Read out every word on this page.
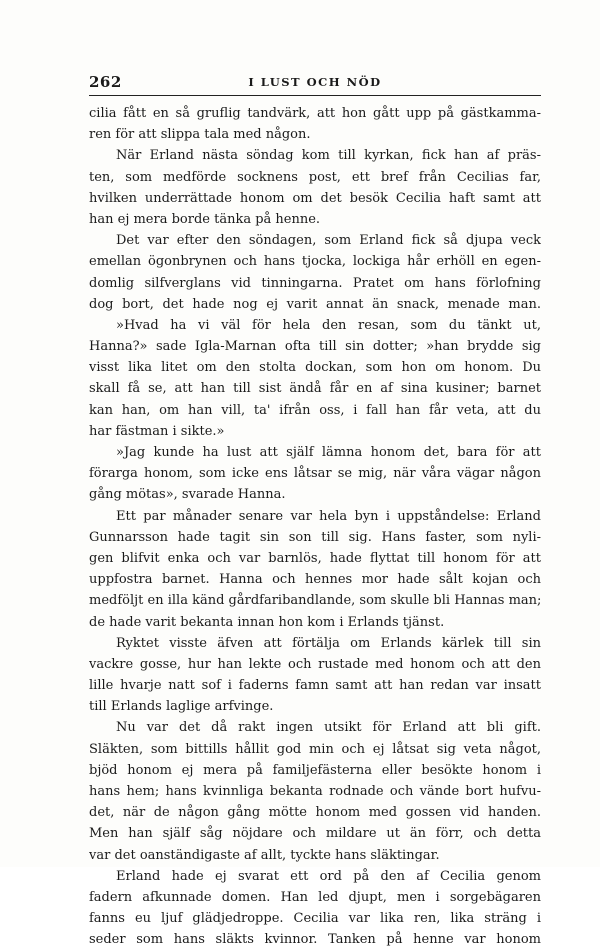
262	I LUST OCH NÖD
cilia fått en så gruflig tandvärk, att hon gått upp på gästkamma-
ren för att slippa tala med någon.
När Erland nästa söndag kom till kyrkan, fick han af präs-
ten, som medförde socknens post, ett bref från Cecilias far,
hvilken underrättade honom om det besök Cecilia haft samt att
han ej mera borde tänka på henne.
Det var efter den söndagen, som Erland fick så djupa veck
emellan ögonbrynen och hans tjocka, lockiga hår erhöll en egen-
domlig silfverglans vid tinningarna. Pratet om hans förlofning
dog bort, det hade nog ej varit annat än snack, menade man.
»Hvad ha vi väl för hela den resan, som du tänkt ut,
Hanna?» sade Igla-Marnan ofta till sin dotter; »han brydde sig
visst lika litet om den stolta dockan, som hon om honom. Du
skall få se, att han till sist ändå får en af sina kusiner; barnet
kan han, om han vill, ta' ifrån oss, i fall han får veta, att du
har fästman i sikte.»
»Jag kunde ha lust att själf lämna honom det, bara för att
förarga honom, som icke ens låtsar se mig, när våra vägar någon
gång mötas», svarade Hanna.
Ett par månader senare var hela byn i uppståndelse: Erland
Gunnarsson hade tagit sin son till sig. Hans faster, som nyli-
gen blifvit enka och var barnlös, hade flyttat till honom för att
uppfostra barnet. Hanna och hennes mor hade sålt kojan och
medföljt en illa känd gårdfaribandlande, som skulle bli Hannas man;
de hade varit bekanta innan hon kom i Erlands tjänst.
Ryktet visste äfven att förtälja om Erlands kärlek till sin
vackre gosse, hur han lekte och rustade med honom och att den
lille hvarje natt sof i faderns famn samt att han redan var insatt
till Erlands laglige arfvinge.
Nu var det då rakt ingen utsikt för Erland att bli gift.
Släkten, som bittills hållit god min och ej låtsat sig veta något,
bjöd honom ej mera på familjefästerna eller besökte honom i
hans hem; hans kvinnliga bekanta rodnade och vände bort hufvu-
det, när de någon gång mötte honom med gossen vid handen.
Men han själf såg nöjdare och mildare ut än förr, och detta
var det oanständigaste af allt, tyckte hans släktingar.
Erland hade ej svarat ett ord på den af Cecilia genom
fadern afkunnade domen. Han led djupt, men i sorgebägaren
fanns eu ljuf glädjedroppe. Cecilia var lika ren, lika sträng i
seder som hans släkts kvinnor. Tanken på henne var honom
